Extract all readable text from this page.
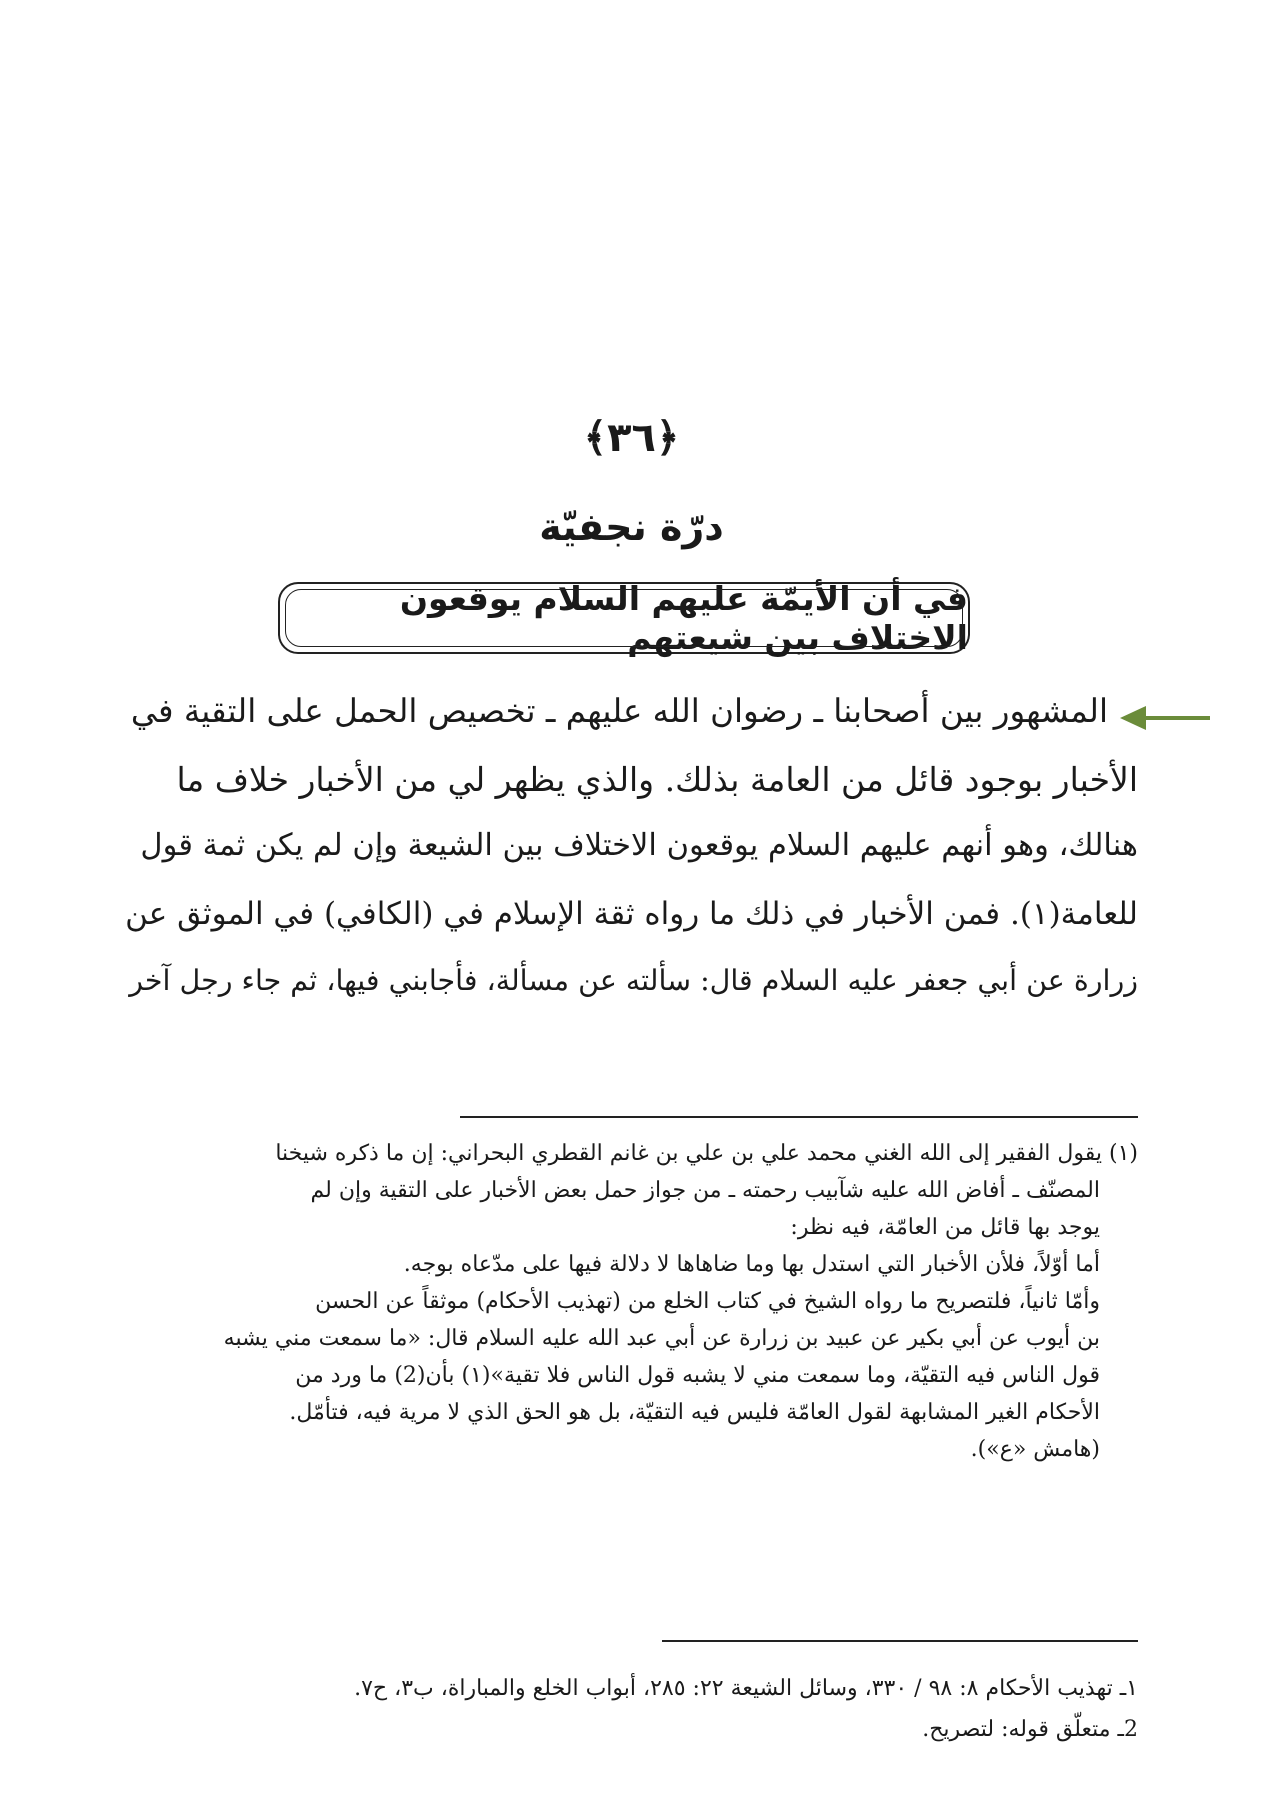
﴿٣٦﴾
درّة نجفيّة
في أن الأيمّة عليهم السلام يوقعون الاختلاف بين شيعتهم
المشهور بين أصحابنا ـ رضوان الله عليهم ـ تخصيص الحمل على التقية في
الأخبار بوجود قائل من العامة بذلك. والذي يظهر لي من الأخبار خلاف ما
هنالك، وهو أنهم عليهم السلام يوقعون الاختلاف بين الشيعة وإن لم يكن ثمة قول
للعامة(١). فمن الأخبار في ذلك ما رواه ثقة الإسلام في (الكافي) في الموثق عن
زرارة عن أبي جعفر عليه السلام قال: سألته عن مسألة، فأجابني فيها، ثم جاء رجل آخر
(١) يقول الفقير إلى الله الغني محمد علي بن علي بن غانم القطري البحراني: إن ما ذكره شيخنا
المصنّف ـ أفاض الله عليه شآبيب رحمته ـ من جواز حمل بعض الأخبار على التقية وإن لم
يوجد بها قائل من العامّة، فيه نظر:
أما أوّلاً، فلأن الأخبار التي استدل بها وما ضاهاها لا دلالة فيها على مدّعاه بوجه.
وأمّا ثانياً، فلتصريح ما رواه الشيخ في كتاب الخلع من (تهذيب الأحكام) موثقاً عن الحسن
بن أيوب عن أبي بكير عن عبيد بن زرارة عن أبي عبد الله عليه السلام قال: «ما سمعت مني يشبه
قول الناس فيه التقيّة، وما سمعت مني لا يشبه قول الناس فلا تقية»(١) بأن(2) ما ورد من
الأحكام الغير المشابهة لقول العامّة فليس فيه التقيّة، بل هو الحق الذي لا مرية فيه، فتأمّل.
(هامش «ع»).
١ـ تهذيب الأحكام ٨: ٩٨ / ٣٣٠، وسائل الشيعة ٢٢: ٢٨٥، أبواب الخلع والمباراة، ب٣، ح٧.
2ـ متعلّق قوله: لتصريح.
